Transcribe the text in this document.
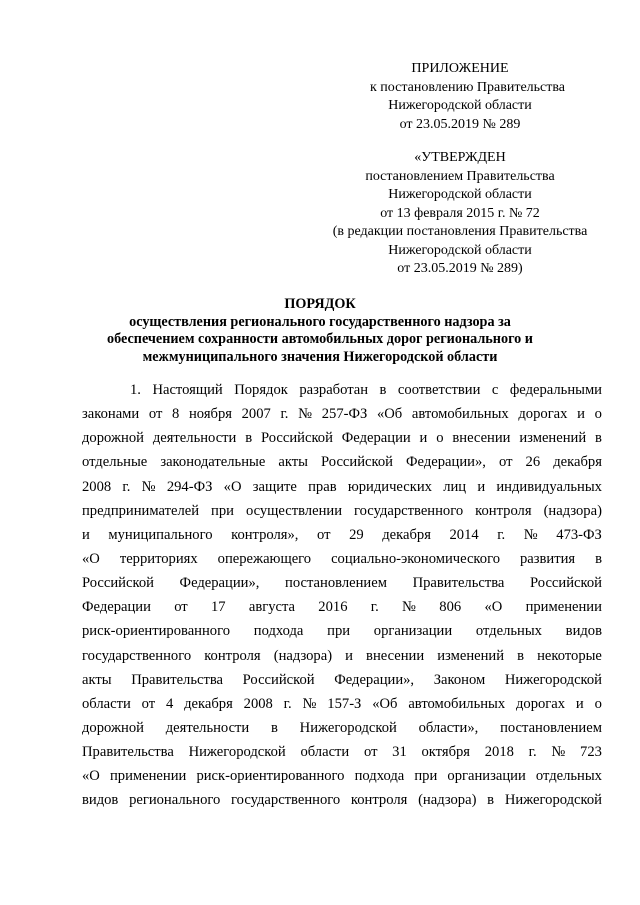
ПРИЛОЖЕНИЕ
к постановлению Правительства
Нижегородской области
от 23.05.2019 № 289
«УТВЕРЖДЕН
постановлением Правительства
Нижегородской области
от 13 февраля 2015 г. № 72
(в редакции постановления Правительства
Нижегородской области
от 23.05.2019 № 289)
ПОРЯДОК
осуществления регионального государственного надзора за
обеспечением сохранности автомобильных дорог регионального и
межмуниципального значения Нижегородской области
1. Настоящий Порядок разработан в соответствии с федеральными
законами от 8 ноября 2007 г. № 257-ФЗ «Об автомобильных дорогах и о
дорожной деятельности в Российской Федерации и о внесении изменений в
отдельные законодательные акты Российской Федерации», от 26 декабря
2008 г. № 294-ФЗ «О защите прав юридических лиц и индивидуальных
предпринимателей при осуществлении государственного контроля (надзора)
и муниципального контроля», от 29 декабря 2014 г. № 473-ФЗ
«О территориях опережающего социально-экономического развития в
Российской Федерации», постановлением Правительства Российской
Федерации от 17 августа 2016 г. № 806 «О применении
риск-ориентированного подхода при организации отдельных видов
государственного контроля (надзора) и внесении изменений в некоторые
акты Правительства Российской Федерации», Законом Нижегородской
области от 4 декабря 2008 г. № 157-З «Об автомобильных дорогах и о
дорожной деятельности в Нижегородской области», постановлением
Правительства Нижегородской области от 31 октября 2018 г. № 723
«О применении риск-ориентированного подхода при организации отдельных
видов регионального государственного контроля (надзора) в Нижегородской
